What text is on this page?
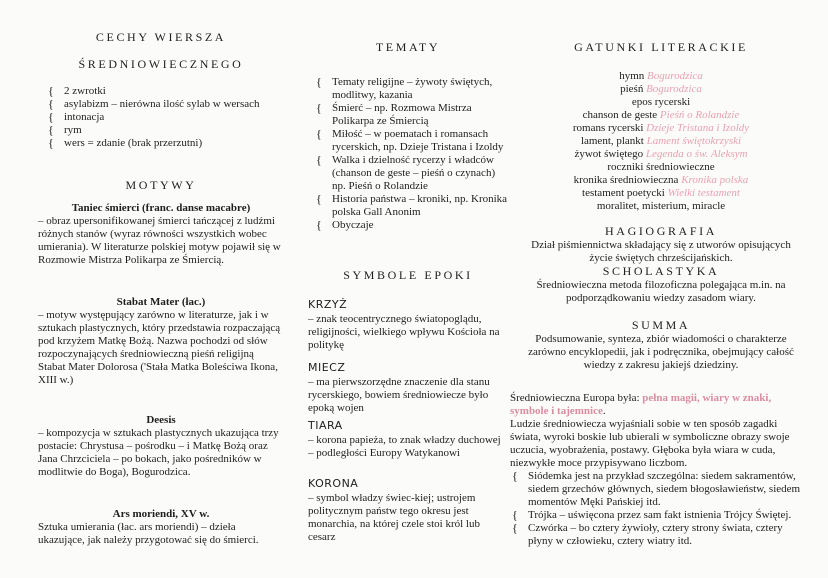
CECHY WIERSZA
ŚREDNIOWIECZNEGO
{ 2 zwrotki
{ asylabizm – nierówna ilość sylab w wersach
{ intonacja
{ rym
{ wers = zdanie (brak przerzutni)
MOTYWY
Taniec śmierci (franc. danse macabre)
– obraz upersonifikowanej śmierci tańczącej z ludźmi różnych stanów (wyraz równości wszystkich wobec umierania). W literaturze polskiej motyw pojawił się w Rozmowie Mistrza Polikarpa ze Śmiercią.
Stabat Mater (łac.)
– motyw występujący zarówno w literaturze, jak i w sztukach plastycznych, który przedstawia rozpaczającą pod krzyżem Matkę Bożą. Nazwa pochodzi od słów rozpoczynających średniowieczną pieśń religijną Stabat Mater Dolorosa ('Stała Matka Boleściwa Ikona, XIII w.)
Deesis
– kompozycja w sztukach plastycznych ukazująca trzy postacie: Chrystusa – pośrodku – i Matkę Bożą oraz Jana Chrzciciela – po bokach, jako pośredników w modlitwie do Boga), Bogurodzica.
Ars moriendi, XV w.
Sztuka umierania (łac. ars moriendi) – dzieła ukazujące, jak należy przygotować się do śmierci.
TEMATY
{ Tematy religijne – żywoty świętych, modlitwy, kazania
{ Śmierć – np. Rozmowa Mistrza Polikarpa ze Śmiercią
{ Miłość – w poematach i romansach rycerskich, np. Dzieje Tristana i Izoldy
{ Walka i dzielność rycerzy i władców (chanson de geste – pieśń o czynach) np. Pieśń o Rolandzie
{ Historia państwa – kroniki, np. Kronika polska Gall Anonim
{ Obyczaje
SYMBOLE EPOKI
KRZYŻ
– znak teocentrycznego światopoglądu, religijności, wielkiego wpływu Kościoła na politykę
MIECZ
– ma pierwszorzędne znaczenie dla stanu rycerskiego, bowiem średniowiecze było epoką wojen
TIARA
– korona papieża, to znak władzy duchowej – podległości Europy Watykanowi
KORONA
– symbol władzy świec-kiej; ustrojem politycznym państw tego okresu jest monarchia, na której czele stoi król lub cesarz
GATUNKI LITERACKIE
hymn Bogurodzica
pieśń Bogurodzica
epos rycerski
chanson de geste Pieśń o Rolandzie
romans rycerski Dzieje Tristana i Izoldy
lament, plankt Lament świętokrzyski
żywot świętego Legenda o św. Aleksym
roczniki średniowieczne
kronika średniowieczna Kronika polska
testament poetycki Wielki testament
moralitet, misterium, miracle
HAGIOGRAFIA
Dział piśmiennictwa składający się z utworów opisujących życie świętych chrześcijańskich.
SCHOLASTYKA
Średniowieczna metoda filozoficzna polegająca m.in. na podporządkowaniu wiedzy zasadom wiary.
SUMMA
Podsumowanie, synteza, zbiór wiadomości o charakterze zarówno encyklopedii, jak i podręcznika, obejmujący całość wiedzy z zakresu jakiejś dziedziny.
Średniowieczna Europa była: pełna magii, wiary w znaki, symbole i tajemnice.
Ludzie średniowiecza wyjaśniali sobie w ten sposób zagadki świata, wyroki boskie lub ubierali w symboliczne obrazy swoje uczucia, wyobrażenia, postawy. Głęboka była wiara w cuda, niezwykłe moce przypisywano liczbom.
{ Siódemka jest na przykład szczególna: siedem sakramentów, siedem grzechów głównych, siedem błogosławieństw, siedem momentów Męki Pańskiej itd.
{ Trójka – uświęcona przez sam fakt istnienia Trójcy Świętej.
{ Czwórka – bo cztery żywioły, cztery strony świata, cztery płyny w człowieku, cztery wiatry itd.
